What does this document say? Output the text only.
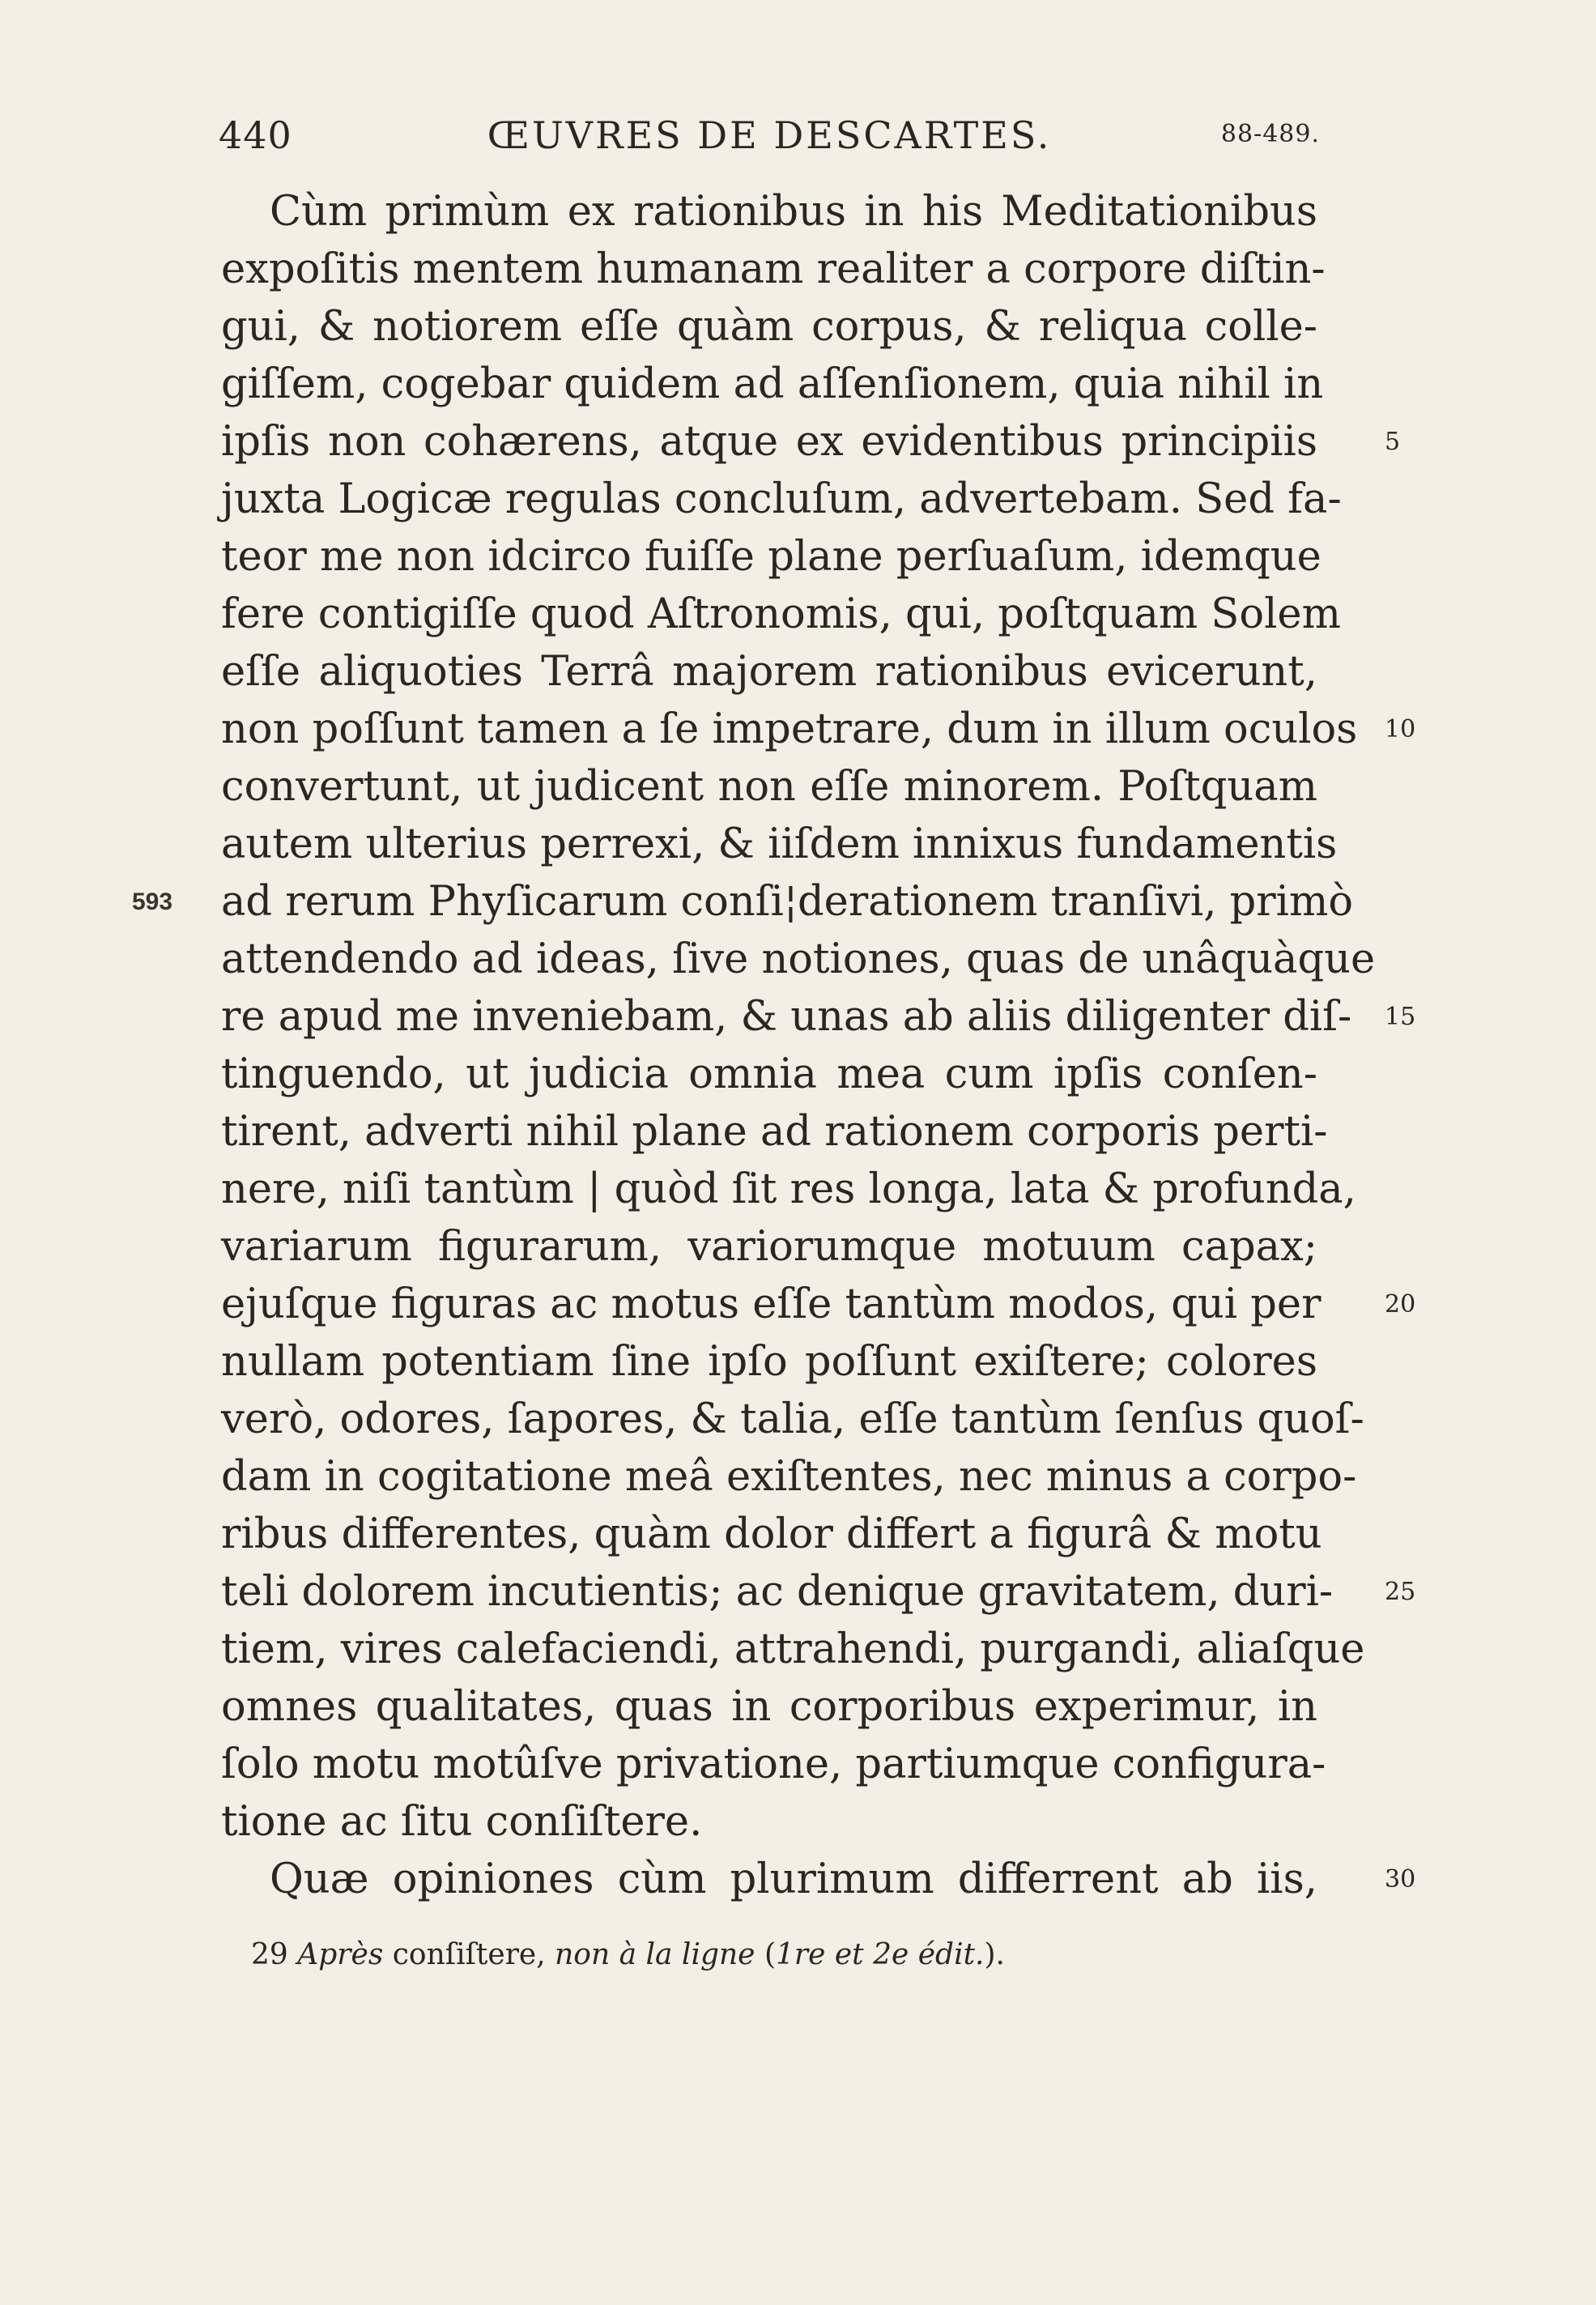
440	ŒUVRES DE DESCARTES.	88-489.
Cùm primùm ex rationibus in his Meditationibus
expoſitis mentem humanam realiter a corpore diſtin-
gui, & notiorem eſſe quàm corpus, & reliqua colle-
giſſem, cogebar quidem ad aſſenſionem, quia nihil in
ipſis non cohærens, atque ex evidentibus principiis	5
juxta Logicæ regulas concluſum, advertebam. Sed fa-
teor me non idcirco fuiſſe plane perſuaſum, idemque
fere contigiſſe quod Aſtronomis, qui, poſtquam Solem
eſſe aliquoties Terrâ majorem rationibus evicerunt,
non poſſunt tamen a ſe impetrare, dum in illum oculos 10
convertunt, ut judicent non eſſe minorem. Poſtquam
autem ulterius perrexi, & iiſdem innixus fundamentis
ad rerum Phyſicarum conſi¦derationem tranſivi, primò
593
attendendo ad ideas, ſive notiones, quas de unâquàque
re apud me inveniebam, & unas ab aliis diligenter diſ- 15
tinguendo, ut judicia omnia mea cum ipſis conſen-
tirent, adverti nihil plane ad rationem corporis perti-
nere, niſi tantùm | quòd ſit res longa, lata & profunda,
variarum figurarum, variorumque motuum capax;
ejuſque figuras ac motus eſſe tantùm modos, qui per	20
nullam potentiam ſine ipſo poſſunt exiſtere; colores
verò, odores, ſapores, & talia, eſſe tantùm ſenſus quoſ-
dam in cogitatione meâ exiſtentes, nec minus a corpo-
ribus differentes, quàm dolor differt a figurâ & motu
teli dolorem incutientis; ac denique gravitatem, duri- 25
tiem, vires calefaciendi, attrahendi, purgandi, aliaſque
omnes qualitates, quas in corporibus experimur, in
ſolo motu motûſve privatione, partiumque configura-
tione ac ſitu conſiſtere.
Quæ opiniones cùm plurimum differrent ab iis,	30
29 Après conſiſtere, non à la ligne (1re et 2e édit.).
